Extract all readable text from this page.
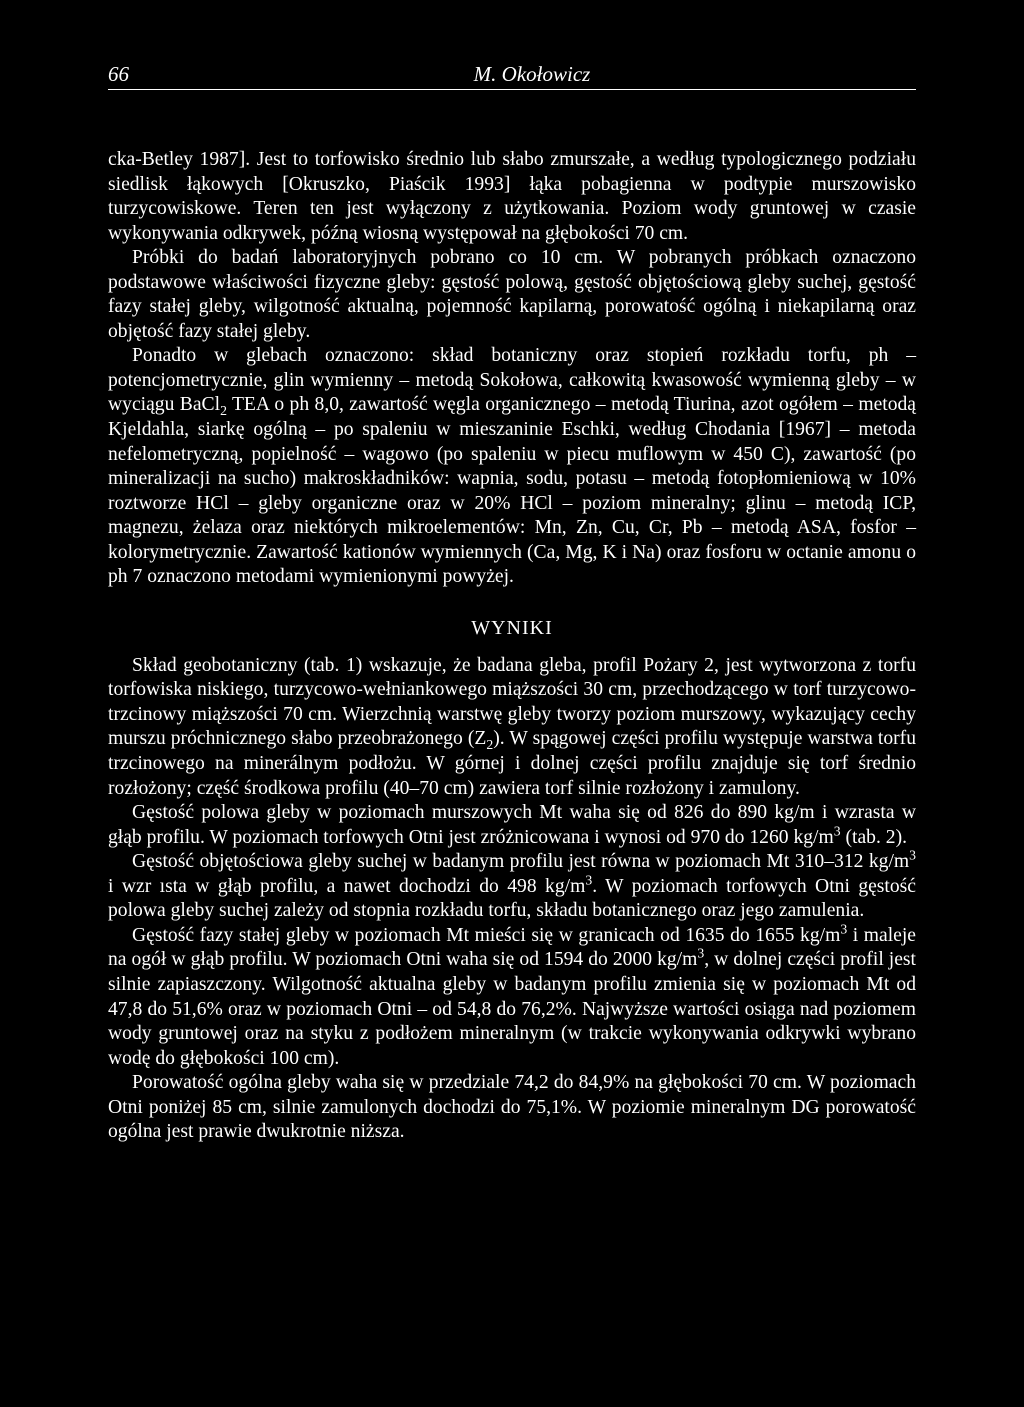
66	M. Okołowicz

cka-Betley 1987]. Jest to torfowisko średnio lub słabo zmurszałe, a według typologicznego podziału siedlisk łąkowych [Okruszko, Piaścik 1993] łąka pobagienna w podtypie murszowisko turzycowiskowe. Teren ten jest wyłączony z użytkowania. Poziom wody gruntowej w czasie wykonywania odkrywek, późną wiosną występował na głębokości 70 cm.

Próbki do badań laboratoryjnych pobrano co 10 cm. W pobranych próbkach oznaczono podstawowe właściwości fizyczne gleby: gęstość polową, gęstość objętościową gleby suchej, gęstość fazy stałej gleby, wilgotność aktualną, pojemność kapilarną, porowatość ogólną i niekapilarną oraz objętość fazy stałej gleby.

Ponadto w glebach oznaczono: skład botaniczny oraz stopień rozkładu torfu, ph – potencjometrycznie, glin wymienny – metodą Sokołowa, całkowitą kwasowość wymienną gleby – w wyciągu BaCl$_2$ TEA o ph 8,0, zawartość węgla organicznego – metodą Tiurina, azot ogółem – metodą Kjeldahla, siarkę ogólną – po spaleniu w mieszaninie Eschki, według Chodania [1967] – metoda nefelometryczną, popielność – wagowo (po spaleniu w piecu muflowym w 450 C), zawartość (po mineralizacji na sucho) makroskładników: wapnia, sodu, potasu – metodą fotopłomieniową w 10% roztworze HCl – gleby organiczne oraz w 20% HCl – poziom mineralny; glinu – metodą ICP, magnezu, żelaza oraz niektórych mikroelementów: Mn, Zn, Cu, Cr, Pb – metodą ASA, fosfor – kolorymetrycznie. Zawartość kationów wymiennych (Ca, Mg, K i Na) oraz fosforu w octanie amonu o ph 7 oznaczono metodami wymienionymi powyżej.

WYNIKI

Skład geobotaniczny (tab. 1) wskazuje, że badana gleba, profil Pożary 2, jest wytworzona z torfu torfowiska niskiego, turzycowo-wełniankowego miąższości 30 cm, przechodzącego w torf turzycowo-trzcinowy miąższości 70 cm. Wierzchnią warstwę gleby tworzy poziom murszowy, wykazujący cechy murszu próchnicznego słabo przeobrażonego $(Z_2)$. W spągowej części profilu występuje warstwa torfu trzcinowego na minerálnym podłożu. W górnej i dolnej części profilu znajduje się torf średnio rozłożony; część środkowa profilu (40–70 cm) zawiera torf silnie rozłożony i zamulony.

Gęstość polowa gleby w poziomach murszowych Mt waha się od 826 do 890 kg/m i wzrasta w głąb profilu. W poziomach torfowych Otni jest zróżnicowana i wynosi od 970 do 1260 $kg/m^3$ (tab. 2).

Gęstość objętościowa gleby suchej w badanym profilu jest równa w poziomach Mt 310–312 $kg/m^3$ i wzr ısta w głąb profilu, a nawet dochodzi do 498 $kg/m^3$. W poziomach torfowych Otni gęstość polowa gleby suchej zależy od stopnia rozkładu torfu, składu botanicznego oraz jego zamulenia.

Gęstość fazy stałej gleby w poziomach Mt mieści się w granicach od 1635 do 1655 $kg/m^3$ i maleje na ogół w głąb profilu. W poziomach Otni waha się od 1594 do 2000 $kg/m^3$, w dolnej części profil jest silnie zapiaszczony. Wilgotność aktualna gleby w badanym profilu zmienia się w poziomach Mt od 47,8 do 51,6% oraz w poziomach Otni – od 54,8 do 76,2%. Najwyższe wartości osiąga nad poziomem wody gruntowej oraz na styku z podłożem mineralnym (w trakcie wykonywania odkrywki wybrano wodę do głębokości 100 cm).

Porowatość ogólna gleby waha się w przedziale 74,2 do 84,9% na głębokości 70 cm. W poziomach Otni poniżej 85 cm, silnie zamulonych dochodzi do 75,1%. W poziomie mineralnym DG porowatość ogólna jest prawie dwukrotnie niższa.
